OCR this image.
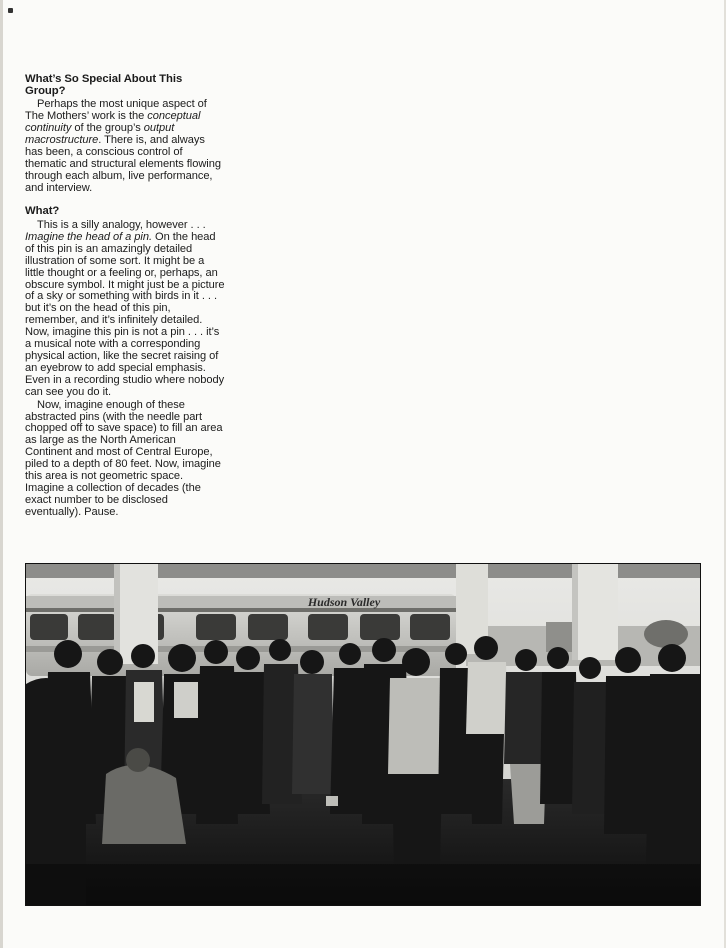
What’s So Special About This Group?

Perhaps the most unique aspect of The Mothers’ work is the conceptual continuity of the group’s output macrostructure. There is, and always has been, a conscious control of thematic and structural elements flowing through each album, live performance, and interview.

What?

This is a silly analogy, however . . . Imagine the head of a pin. On the head of this pin is an amazingly detailed illustration of some sort. It might be a little thought or a feeling or, perhaps, an obscure symbol. It might just be a picture of a sky or something with birds in it . . . but it’s on the head of this pin, remember, and it’s infinitely detailed. Now, imagine this pin is not a pin . . . it’s a musical note with a corresponding physical action, like the secret raising of an eyebrow to add special emphasis. Even in a recording studio where nobody can see you do it.

Now, imagine enough of these abstracted pins (with the needle part chopped off to save space) to fill an area as large as the North American Continent and most of Central Europe, piled to a depth of 80 feet. Now, imagine this area is not geometric space. Imagine a collection of decades (the exact number to be disclosed eventually). Pause.

Hudson Valley
